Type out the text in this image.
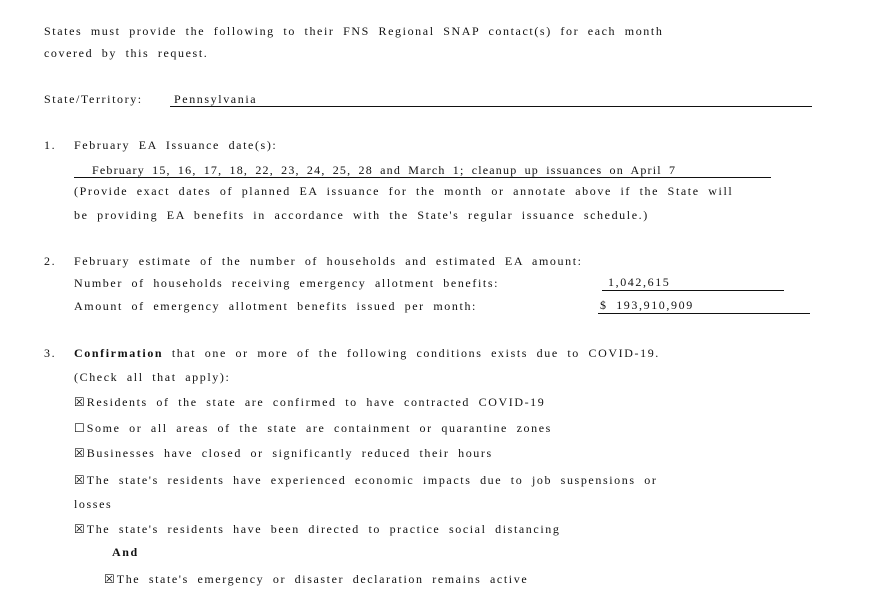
States must provide the following to their FNS Regional SNAP contact(s) for each month
covered by this request.
State/Territory:	Pennsylvania
1. February EA Issuance date(s):
February 15, 16, 17, 18, 22, 23, 24, 25, 28 and March 1; cleanup up issuances on April 7
(Provide exact dates of planned EA issuance for the month or annotate above if the State will
be providing EA benefits in accordance with the State's regular issuance schedule.)
2. February estimate of the number of households and estimated EA amount:
Number of households receiving emergency allotment benefits:	1,042,615
Amount of emergency allotment benefits issued per month:	$ 193,910,909
3. Confirmation that one or more of the following conditions exists due to COVID-19.
(Check all that apply):
☒ Residents of the state are confirmed to have contracted COVID-19
☐ Some or all areas of the state are containment or quarantine zones
☒ Businesses have closed or significantly reduced their hours
☒ The state's residents have experienced economic impacts due to job suspensions or
losses
☒ The state's residents have been directed to practice social distancing
And
☒ The state's emergency or disaster declaration remains active
